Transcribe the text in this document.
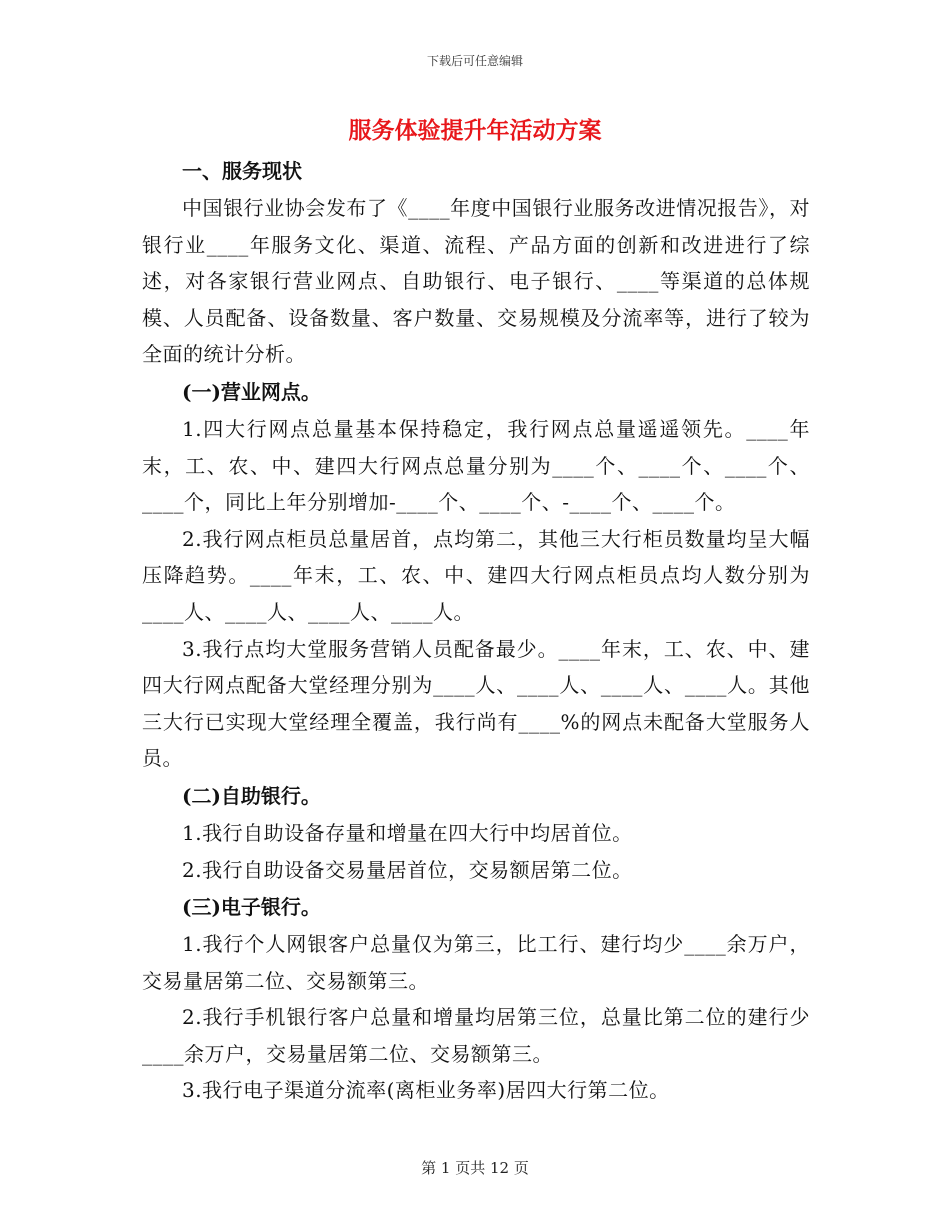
下载后可任意编辑
服务体验提升年活动方案
一、服务现状

中国银行业协会发布了《____年度中国银行业服务改进情况报告》，对银行业____年服务文化、渠道、流程、产品方面的创新和改进进行了综述，对各家银行营业网点、自助银行、电子银行、____等渠道的总体规模、人员配备、设备数量、客户数量、交易规模及分流率等，进行了较为全面的统计分析。

(一)营业网点。

1.四大行网点总量基本保持稳定，我行网点总量遥遥领先。____年末，工、农、中、建四大行网点总量分别为____个、____个、____个、____个，同比上年分别增加-____个、____个、-____个、____个。

2.我行网点柜员总量居首，点均第二，其他三大行柜员数量均呈大幅压降趋势。____年末，工、农、中、建四大行网点柜员点均人数分别为____人、____人、____人、____人。

3.我行点均大堂服务营销人员配备最少。____年末，工、农、中、建四大行网点配备大堂经理分别为____人、____人、____人、____人。其他三大行已实现大堂经理全覆盖，我行尚有____%的网点未配备大堂服务人员。

(二)自助银行。

1.我行自助设备存量和增量在四大行中均居首位。

2.我行自助设备交易量居首位，交易额居第二位。

(三)电子银行。

1.我行个人网银客户总量仅为第三，比工行、建行均少____余万户，交易量居第二位、交易额第三。

2.我行手机银行客户总量和增量均居第三位，总量比第二位的建行少____余万户，交易量居第二位、交易额第三。

3.我行电子渠道分流率(离柜业务率)居四大行第二位。

第 1 页共 12 页
